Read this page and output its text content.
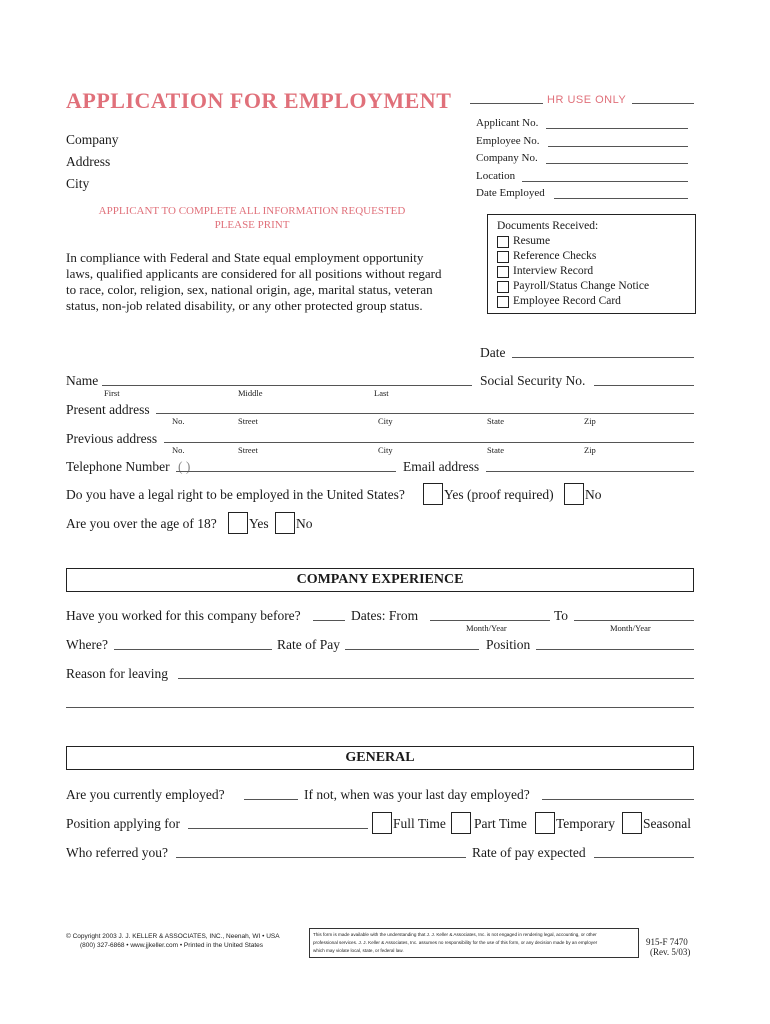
APPLICATION FOR EMPLOYMENT	HR USE ONLY
Applicant No.
Employee No.
Company No.
Location
Date Employed
Company
Address
City
APPLICANT TO COMPLETE ALL INFORMATION REQUESTED
PLEASE PRINT
In compliance with Federal and State equal employment opportunity
laws, qualified applicants are considered for all positions without regard
to race, color, religion, sex, national origin, age, marital status, veteran
status, non-job related disability, or any other protected group status.
Documents Received:
Resume
Reference Checks
Interview Record
Payroll/Status Change Notice
Employee Record Card
Date
Name
First	Middle	Last
Social Security No.
Present address
No.	Street	City	State	Zip
Previous address
No.	Street	City	State	Zip
Telephone Number ( )	Email address
Do you have a legal right to be employed in the United States?	Yes (proof required) No
Are you over the age of 18? Yes No
COMPANY EXPERIENCE
Have you worked for this company before?	Dates: From
Month/Year
To
Month/Year
Where?	Rate of Pay	Position
Reason for leaving
GENERAL
Are you currently employed?	If not, when was your last day employed?
Position applying for	Full Time Part Time Temporary Seasonal
Who referred you?	Rate of pay expected
© Copyright 2003 J. J. KELLER & ASSOCIATES, INC., Neenah, WI • USA
(800) 327-6868 • www.jjkeller.com • Printed in the United States
This form is made available with the understanding that J. J. Keller & Associates, Inc. is not engaged in rendering legal, accounting, or other
professional services. J. J. Keller & Associates, Inc. assumes no responsibility for the use of this form, or any decision made by an employer
which may violate local, state, or federal law.
915-F 7470
(Rev. 5/03)
